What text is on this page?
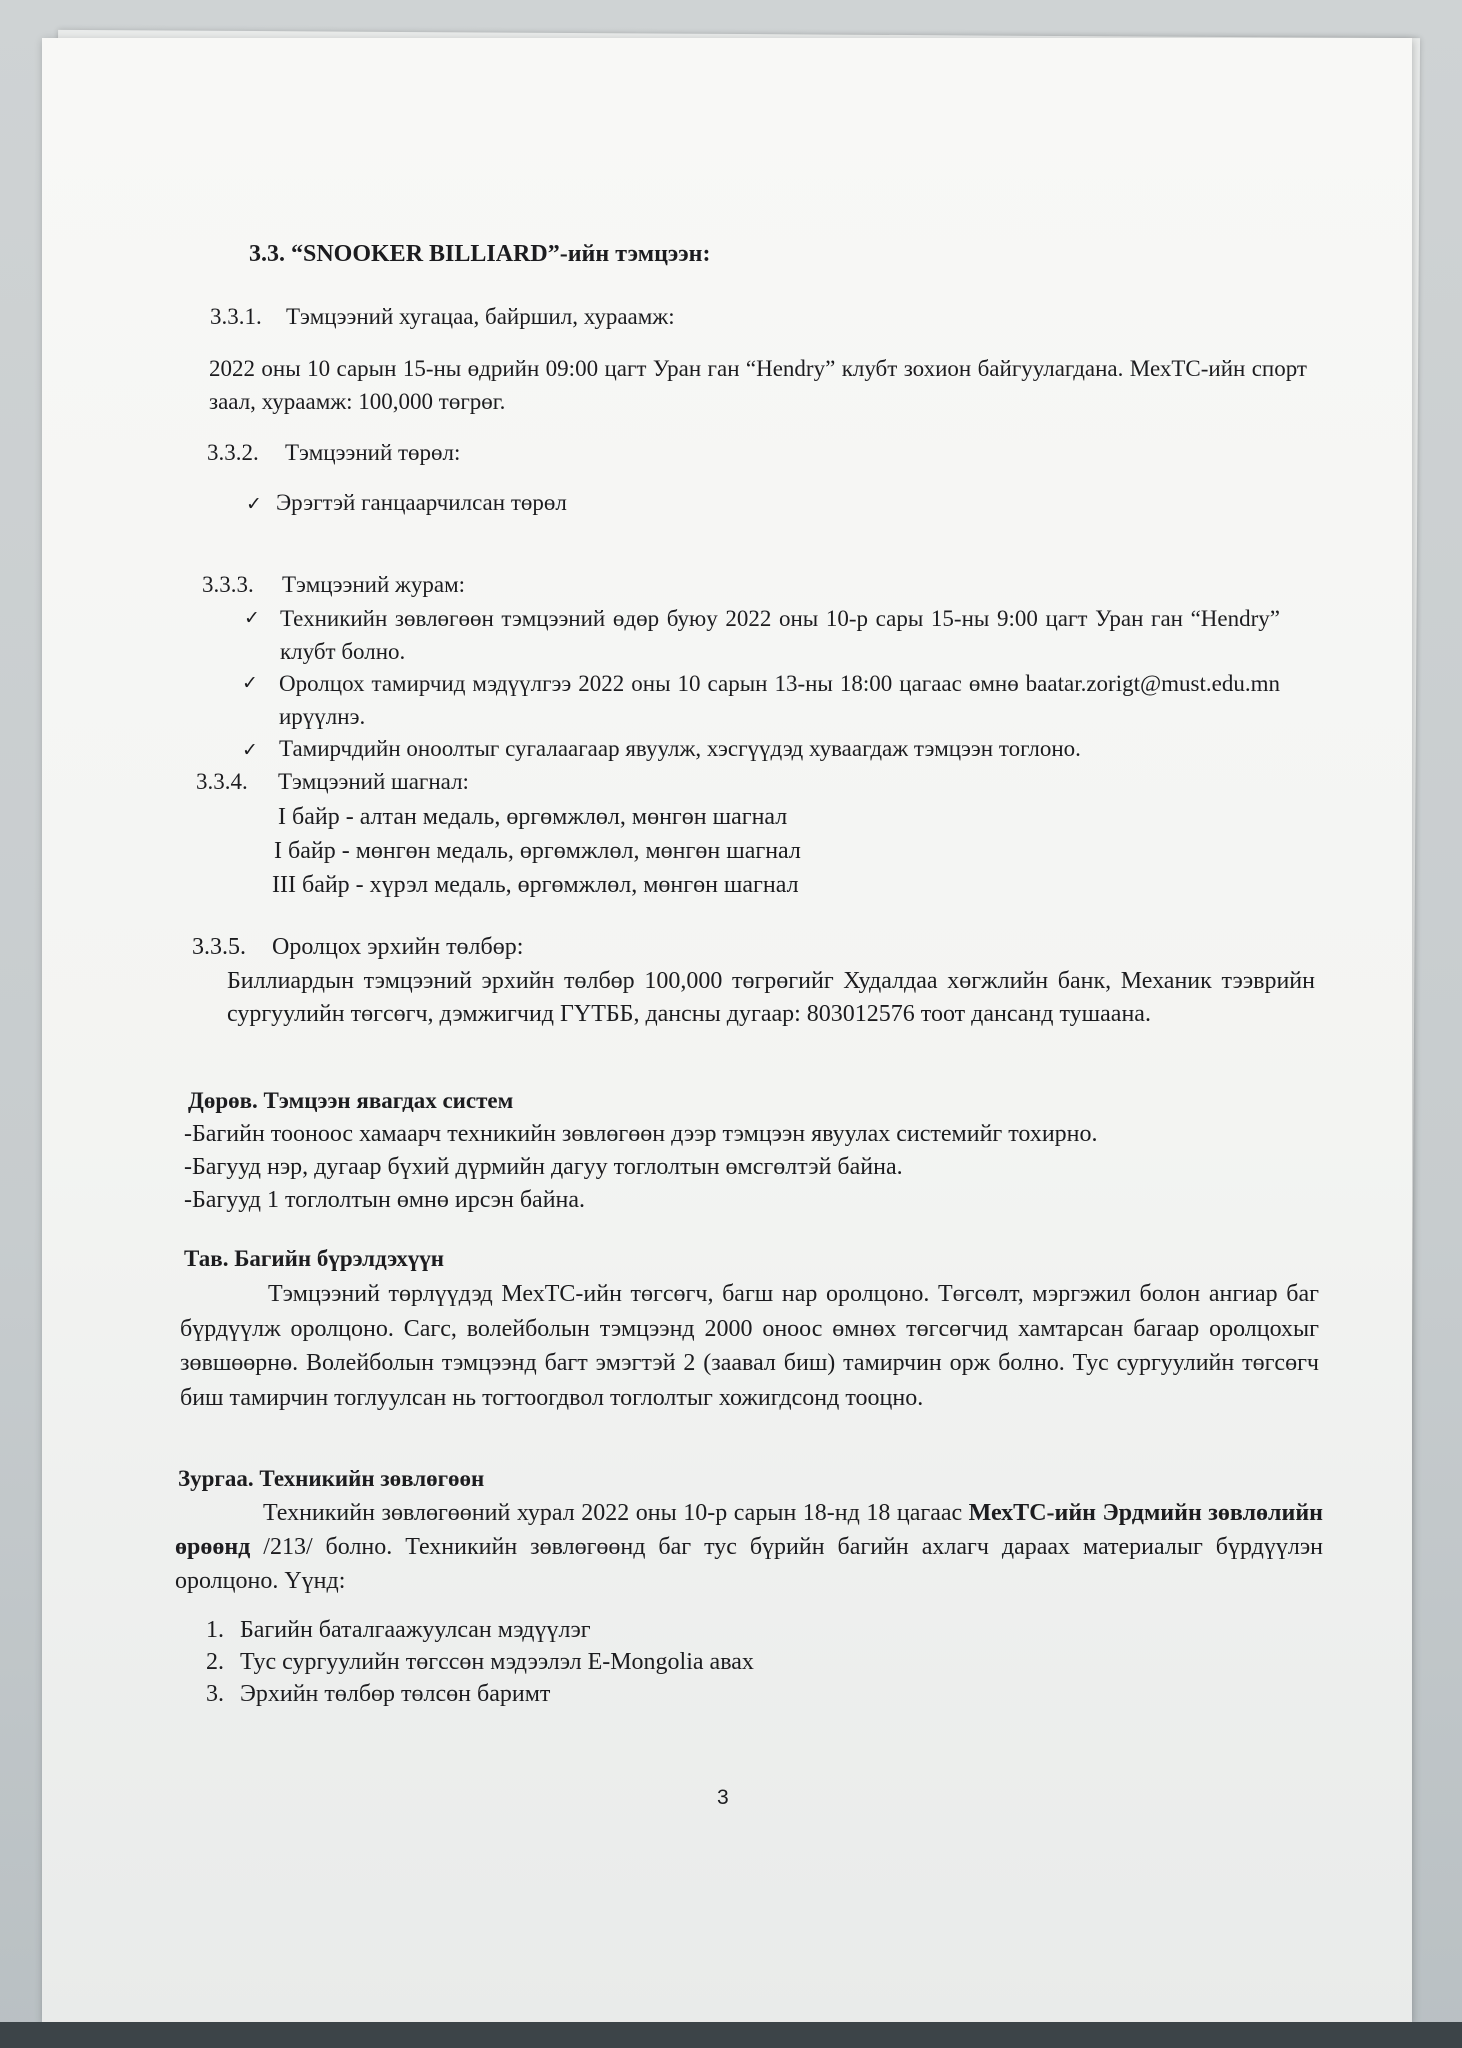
3.3. “SNOOKER BILLIARD”-ийн тэмцээн:
3.3.1. Тэмцээний хугацаа, байршил, хураамж:
2022 оны 10 сарын 15-ны өдрийн 09:00 цагт Уран ган “Hendry” клубт зохион байгуулагдана. МехТС-ийн спорт заал, хураамж: 100,000 төгрөг.
3.3.2. Тэмцээний төрөл:
✓ Эрэгтэй ганцаарчилсан төрөл
3.3.3. Тэмцээний журам:
✓ Техникийн зөвлөгөөн тэмцээний өдөр буюу 2022 оны 10-р сары 15-ны 9:00 цагт Уран ган “Hendry” клубт болно.
✓ Оролцох тамирчид мэдүүлгээ 2022 оны 10 сарын 13-ны 18:00 цагаас өмнө baatar.zorigt@must.edu.mn ирүүлнэ.
✓ Тамирчдийн оноолтыг сугалаагаар явуулж, хэсгүүдэд хуваагдаж тэмцээн тоглоно.
3.3.4. Тэмцээний шагнал:
I байр - алтан медаль, өргөмжлөл, мөнгөн шагнал
I байр - мөнгөн медаль, өргөмжлөл, мөнгөн шагнал
III байр - хүрэл медаль, өргөмжлөл, мөнгөн шагнал
3.3.5. Оролцох эрхийн төлбөр:
Биллиардын тэмцээний эрхийн төлбөр 100,000 төгрөгийг Худалдаа хөгжлийн банк, Механик тээврийн сургуулийн төгсөгч, дэмжигчид ГҮТББ, дансны дугаар: 803012576 тоот дансанд тушаана.
Дөрөв. Тэмцээн явагдах систем
-Багийн тооноос хамаарч техникийн зөвлөгөөн дээр тэмцээн явуулах системийг тохирно.
-Багууд нэр, дугаар бүхий дүрмийн дагуу тоглолтын өмсгөлтэй байна.
-Багууд 1 тоглолтын өмнө ирсэн байна.
Тав. Багийн бүрэлдэхүүн
Тэмцээний төрлүүдэд МехТС-ийн төгсөгч, багш нар оролцоно. Төгсөлт, мэргэжил болон ангиар баг бүрдүүлж оролцоно. Сагс, волейболын тэмцээнд 2000 оноос өмнөх төгсөгчид хамтарсан багаар оролцохыг зөвшөөрнө. Волейболын тэмцээнд багт эмэгтэй 2 (заавал биш) тамирчин орж болно. Тус сургуулийн төгсөгч биш тамирчин тоглуулсан нь тогтоогдвол тоглолтыг хожигдсонд тооцно.
Зургаа. Техникийн зөвлөгөөн
Техникийн зөвлөгөөний хурал 2022 оны 10-р сарын 18-нд 18 цагаас МехТС-ийн Эрдмийн зөвлөлийн өрөөнд /213/ болно. Техникийн зөвлөгөөнд баг тус бүрийн багийн ахлагч дараах материалыг бүрдүүлэн оролцоно. Үүнд:
1. Багийн баталгаажуулсан мэдүүлэг
2. Тус сургуулийн төгссөн мэдээлэл E-Mongolia авах
3. Эрхийн төлбөр төлсөн баримт
3
